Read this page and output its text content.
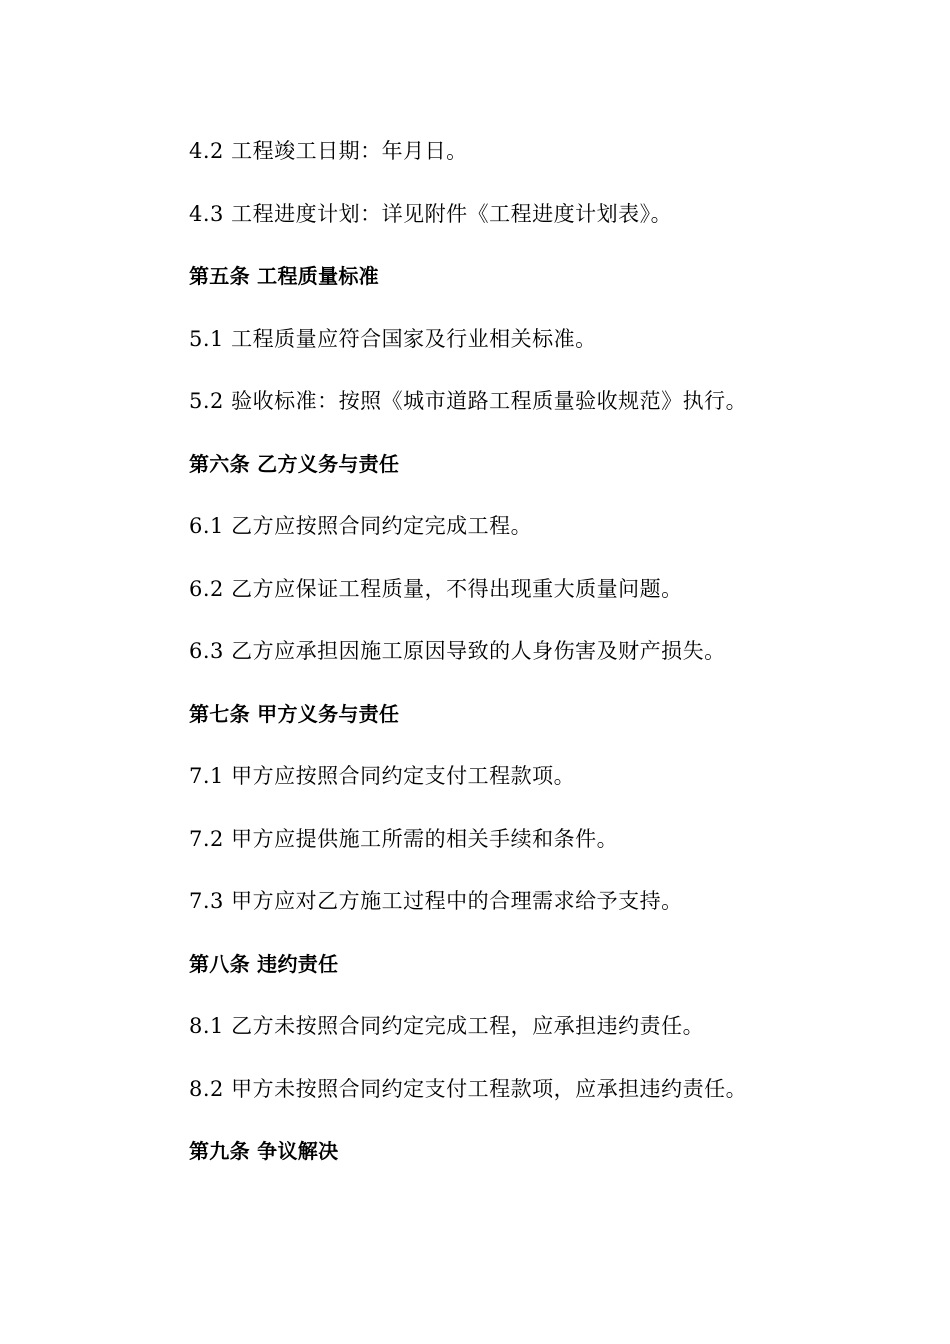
4.2 工程竣工日期：年月日。
4.3 工程进度计划：详见附件《工程进度计划表》。
第五条 工程质量标准
5.1 工程质量应符合国家及行业相关标准。
5.2 验收标准：按照《城市道路工程质量验收规范》执行。
第六条 乙方义务与责任
6.1 乙方应按照合同约定完成工程。
6.2 乙方应保证工程质量，不得出现重大质量问题。
6.3 乙方应承担因施工原因导致的人身伤害及财产损失。
第七条 甲方义务与责任
7.1 甲方应按照合同约定支付工程款项。
7.2 甲方应提供施工所需的相关手续和条件。
7.3 甲方应对乙方施工过程中的合理需求给予支持。
第八条 违约责任
8.1 乙方未按照合同约定完成工程，应承担违约责任。
8.2 甲方未按照合同约定支付工程款项，应承担违约责任。
第九条 争议解决
